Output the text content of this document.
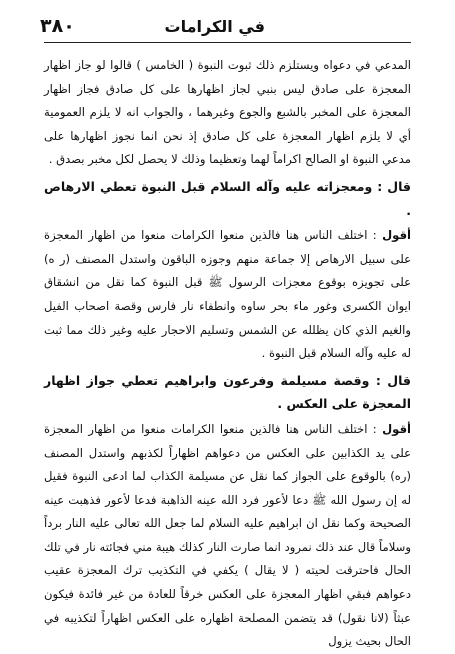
٣٨٠	في الكرامات

المدعي في دعواه ويستلزم ذلك ثبوت النبوة ( الخامس ) قالوا لو جاز اظهار المعجزة على صادق ليس بنبي لجاز اظهارها على كل صادق فجاز اظهار المعجزة على المخبر بالشبع والجوع وغيرهما ، والجواب انه لا يلزم العمومية أي لا يلزم اظهار المعجزة على كل صادق إذ نحن انما نجوز اظهارها على مدعي النبوة او الصالح اكراماً لهما وتعظيما وذلك لا يحصل لكل مخبر بصدق .

قال : ومعجزاته عليه وآله السلام قبل النبوة تعطي الارهاص .

أقول : اختلف الناس هنا فالذين منعوا الكرامات منعوا من اظهار المعجزة على سبيل الارهاص إلا جماعة منهم وجوزه الباقون واستدل المصنف (ر ه) على تجويزه بوقوع معجزات الرسول ﷺ قبل النبوة كما نقل من انشقاق ايوان الكسرى وغور ماء بحر ساوه وانطفاء نار فارس وقصة اصحاب الفيل والغيم الذي كان يظلله عن الشمس وتسليم الاحجار عليه وغير ذلك مما ثبت له عليه وآله السلام قبل النبوة .

قال : وقصة مسيلمة وفرعون وابراهيم تعطي جواز اظهار المعجزة على العكس .

أقول : اختلف الناس هنا فالذين منعوا الكرامات منعوا من اظهار المعجزة على يد الكذابين على العكس من دعواهم اظهاراً لكذبهم واستدل المصنف (ره) بالوقوع على الجواز كما نقل عن مسيلمة الكذاب لما ادعى النبوة فقيل له إن رسول الله ﷺ دعا لأعور فرد الله عينه الذاهبة فدعا لأعور فذهبت عينه الصحيحة وكما نقل ان ابراهيم عليه السلام لما جعل الله تعالى عليه النار برداً وسلاماً قال عند ذلك نمرود انما صارت النار كذلك هيبة مني فجائته نار في تلك الحال فاحترقت لحيته ( لا يقال ) يكفي في التكذيب ترك المعجزة عقيب دعواهم فبقي اظهار المعجزة على العكس خرقاً للعادة من غير فائدة فيكون عبثاً (لانا نقول) قد يتضمن المصلحة اظهاره على العكس اظهاراً لتكذيبه في الحال بحيث يزول
